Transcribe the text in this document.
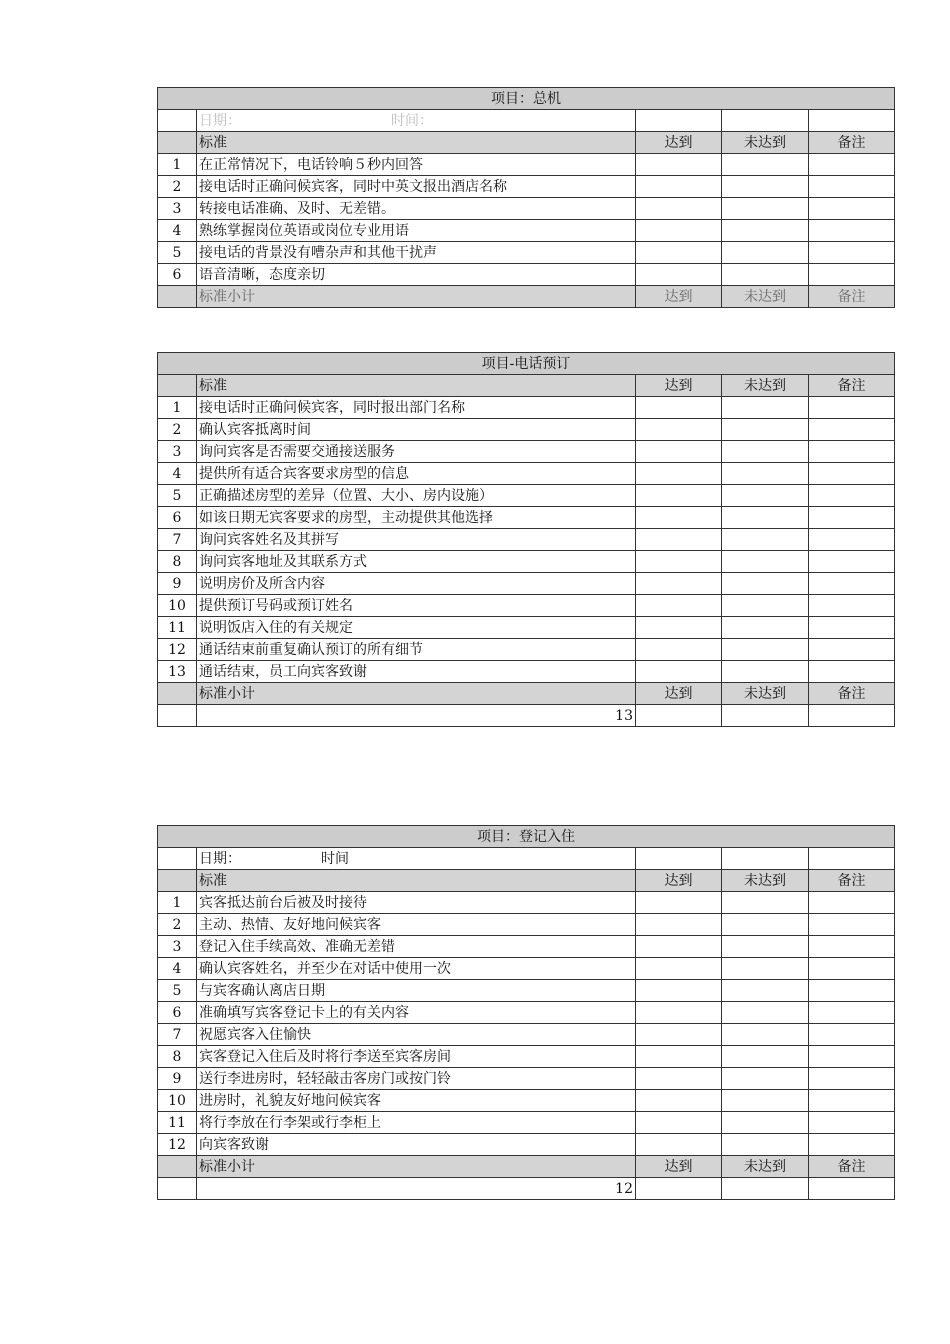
项目：总机				
	日期： 时间：			
	标准	达到	未达到	备注
1	在正常情况下，电话铃响５秒内回答			
2	接电话时正确问候宾客，同时中英文报出酒店名称			
3	转接电话准确、及时、无差错。			
4	熟练掌握岗位英语或岗位专业用语			
5	接电话的背景没有嘈杂声和其他干扰声			
6	语音清晰，态度亲切			
	标准小计	达到	未达到	备注
项目-电话预订				
	标准	达到	未达到	备注
1	接电话时正确问候宾客，同时报出部门名称			
2	确认宾客抵离时间			
3	询问宾客是否需要交通接送服务			
4	提供所有适合宾客要求房型的信息			
5	正确描述房型的差异（位置、大小、房内设施）			
6	如该日期无宾客要求的房型，主动提供其他选择			
7	询问宾客姓名及其拼写			
8	询问宾客地址及其联系方式			
9	说明房价及所含内容			
10	提供预订号码或预订姓名			
11	说明饭店入住的有关规定			
12	通话结束前重复确认预订的所有细节			
13	通话结束，员工向宾客致谢			
	标准小计	达到	未达到	备注
	13			
项目：登记入住				
	日期： 时间			
	标准	达到	未达到	备注
1	宾客抵达前台后被及时接待			
2	主动、热情、友好地问候宾客			
3	登记入住手续高效、准确无差错			
4	确认宾客姓名，并至少在对话中使用一次			
5	与宾客确认离店日期			
6	准确填写宾客登记卡上的有关内容			
7	祝愿宾客入住愉快			
8	宾客登记入住后及时将行李送至宾客房间			
9	送行李进房时，轻轻敲击客房门或按门铃			
10	进房时，礼貌友好地问候宾客			
11	将行李放在行李架或行李柜上			
12	向宾客致谢			
	标准小计	达到	未达到	备注
	12			
